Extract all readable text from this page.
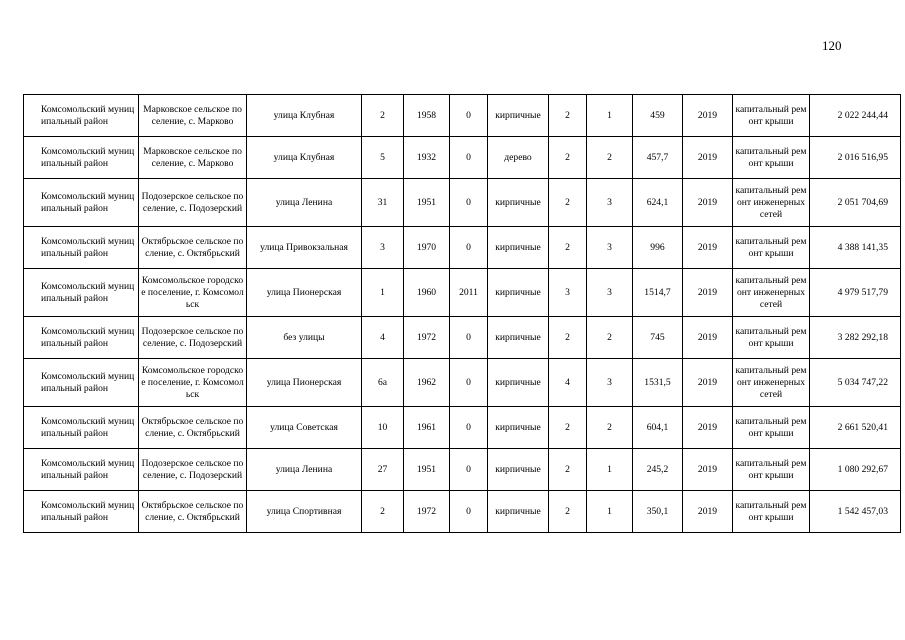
120
Комсомольский муниципальный район	Марковское сельское поселение, с. Марково	улица Клубная	2	1958	0	кирпичные	2	1	459	2019	капитальный ремонт крыши	2 022 244,44
Комсомольский муниципальный район	Марковское сельское поселение, с. Марково	улица Клубная	5	1932	0	дерево	2	2	457,7	2019	капитальный ремонт крыши	2 016 516,95
Комсомольский муниципальный район	Подозерское сельское поселение, с. Подозерский	улица Ленина	31	1951	0	кирпичные	2	3	624,1	2019	капитальный ремонт инженерных сетей	2 051 704,69
Комсомольский муниципальный район	Октябрьское сельское посление, с. Октябрьский	улица Привокзальная	3	1970	0	кирпичные	2	3	996	2019	капитальный ремонт крыши	4 388 141,35
Комсомольский муниципальный район	Комсомольское городское поселение, г. Комсомольск	улица Пионерская	1	1960	2011	кирпичные	3	3	1514,7	2019	капитальный ремонт инженерных сетей	4 979 517,79
Комсомольский муниципальный район	Подозерское сельское поселение, с. Подозерский	без улицы	4	1972	0	кирпичные	2	2	745	2019	капитальный ремонт крыши	3 282 292,18
Комсомольский муниципальный район	Комсомольское городское поселение, г. Комсомольск	улица Пионерская	6а	1962	0	кирпичные	4	3	1531,5	2019	капитальный ремонт инженерных сетей	5 034 747,22
Комсомольский муниципальный район	Октябрьское сельское посление, с. Октябрьский	улица Советская	10	1961	0	кирпичные	2	2	604,1	2019	капитальный ремонт крыши	2 661 520,41
Комсомольский муниципальный район	Подозерское сельское поселение, с. Подозерский	улица Ленина	27	1951	0	кирпичные	2	1	245,2	2019	капитальный ремонт крыши	1 080 292,67
Комсомольский муниципальный район	Октябрьское сельское посление, с. Октябрьский	улица Спортивная	2	1972	0	кирпичные	2	1	350,1	2019	капитальный ремонт крыши	1 542 457,03
